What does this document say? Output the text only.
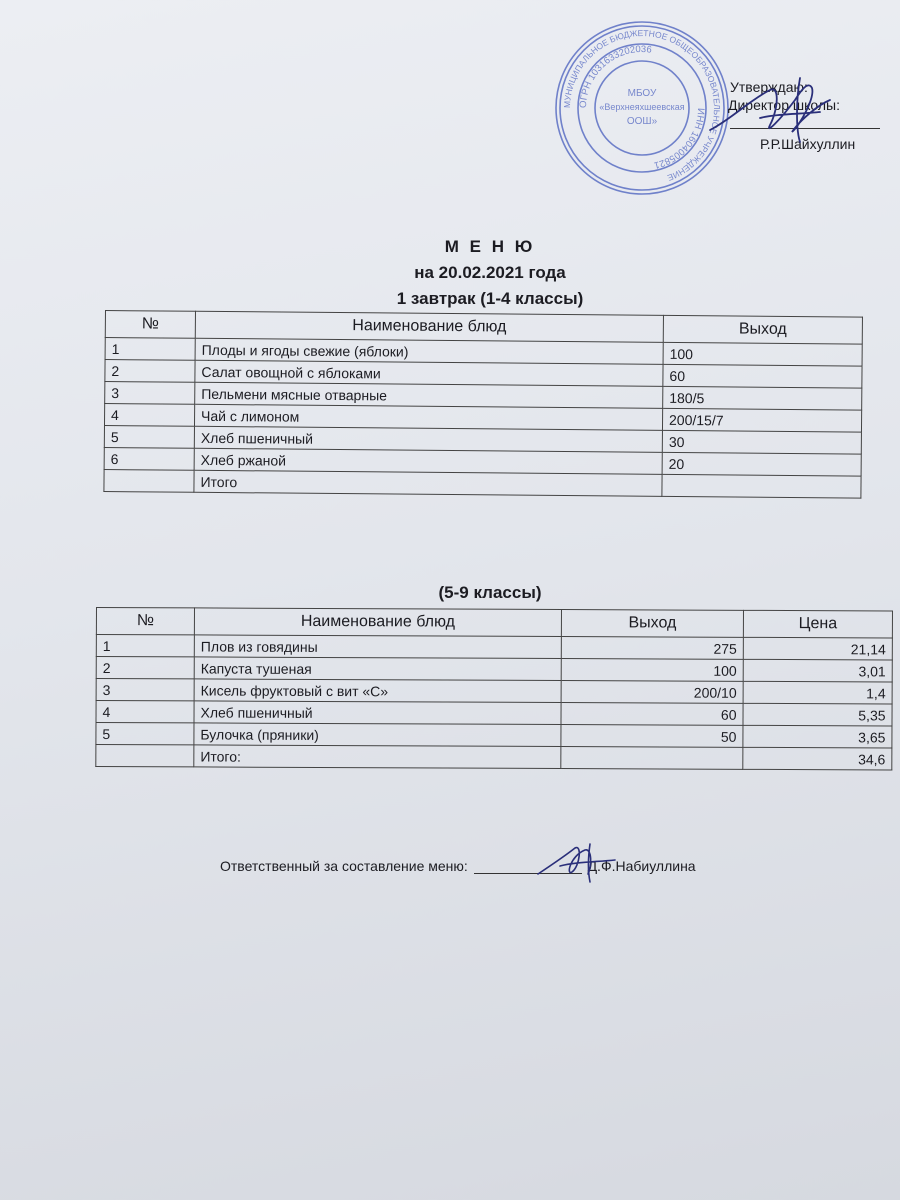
МУНИЦИПАЛЬНОЕ БЮДЖЕТНОЕ ОБЩЕОБРАЗОВАТЕЛЬНОЕ УЧРЕЖДЕНИЕ
ОГРН 1031633202036
ИНН 1604005821
МБОУ
«Верхнеяхшеевская
ООШ»
Утверждаю:
Директор школы:
Р.Р.Шайхуллин
М Е Н Ю
на 20.02.2021 года
1 завтрак (1-4 классы)
№	Наименование блюд	Выход
1	Плоды и ягоды свежие (яблоки)	100
2	Салат овощной с яблоками	60
3	Пельмени мясные отварные	180/5
4	Чай с лимоном	200/15/7
5	Хлеб пшеничный	30
6	Хлеб ржаной	20
	Итого	
(5-9 классы)
№	Наименование блюд	Выход	Цена
1	Плов из говядины	275	21,14
2	Капуста тушеная	100	3,01
3	Кисель фруктовый с вит «С»	200/10	1,4
4	Хлеб пшеничный	60	5,35
5	Булочка (пряники)	50	3,65
	Итого:		34,6
Ответственный за составление меню:	Д.Ф.Набиуллина
